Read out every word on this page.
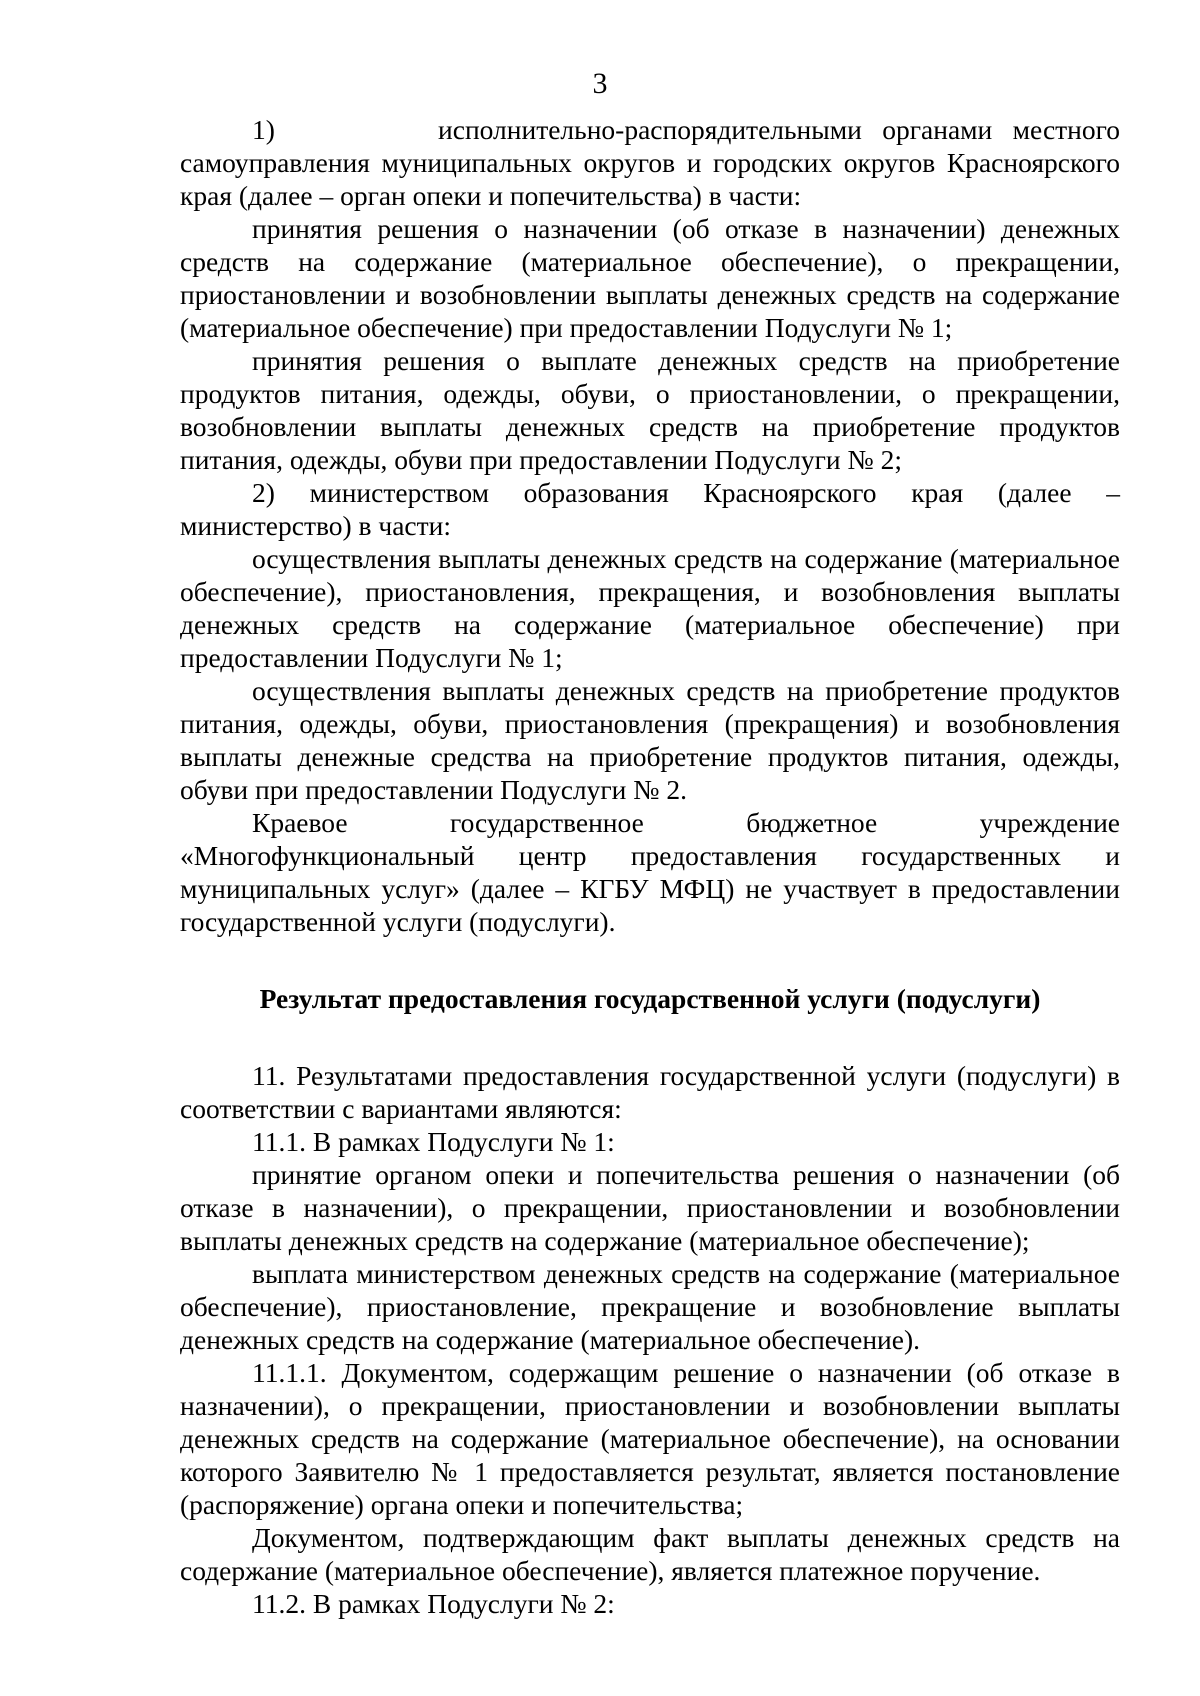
3

1)        исполнительно-распорядительными органами местного самоуправления муниципальных округов и городских округов Красноярского края (далее – орган опеки и попечительства) в части:

принятия решения о назначении (об отказе в назначении) денежных средств на содержание (материальное обеспечение), о прекращении, приостановлении и возобновлении выплаты денежных средств на содержание (материальное обеспечение) при предоставлении Подуслуги № 1;

принятия решения о выплате денежных средств на приобретение продуктов питания, одежды, обуви, о приостановлении, о прекращении, возобновлении выплаты денежных средств на приобретение продуктов питания, одежды, обуви при предоставлении Подуслуги № 2;

2) министерством образования Красноярского края (далее – министерство) в части:

осуществления выплаты денежных средств на содержание (материальное обеспечение), приостановления, прекращения, и возобновления выплаты денежных средств на содержание (материальное обеспечение) при предоставлении Подуслуги № 1;

осуществления выплаты денежных средств на приобретение продуктов питания, одежды, обуви, приостановления (прекращения) и возобновления выплаты денежные средства на приобретение продуктов питания, одежды, обуви при предоставлении Подуслуги № 2.

Краевое государственное бюджетное учреждение «Многофункциональный центр предоставления государственных и муниципальных услуг» (далее – КГБУ МФЦ) не участвует в предоставлении государственной услуги (подуслуги).

Результат предоставления государственной услуги (подуслуги)

11. Результатами предоставления государственной услуги (подуслуги) в соответствии с вариантами являются:

11.1. В рамках Подуслуги № 1:

принятие органом опеки и попечительства решения о назначении (об отказе в назначении), о прекращении, приостановлении и возобновлении выплаты денежных средств на содержание (материальное обеспечение);

выплата министерством денежных средств на содержание (материальное обеспечение), приостановление, прекращение и возобновление выплаты денежных средств на содержание (материальное обеспечение).

11.1.1. Документом, содержащим решение о назначении (об отказе в назначении), о прекращении, приостановлении и возобновлении выплаты денежных средств на содержание (материальное обеспечение), на основании которого Заявителю № 1 предоставляется результат, является постановление (распоряжение) органа опеки и попечительства;

Документом, подтверждающим факт выплаты денежных средств на содержание (материальное обеспечение), является платежное поручение.

11.2. В рамках Подуслуги № 2:
